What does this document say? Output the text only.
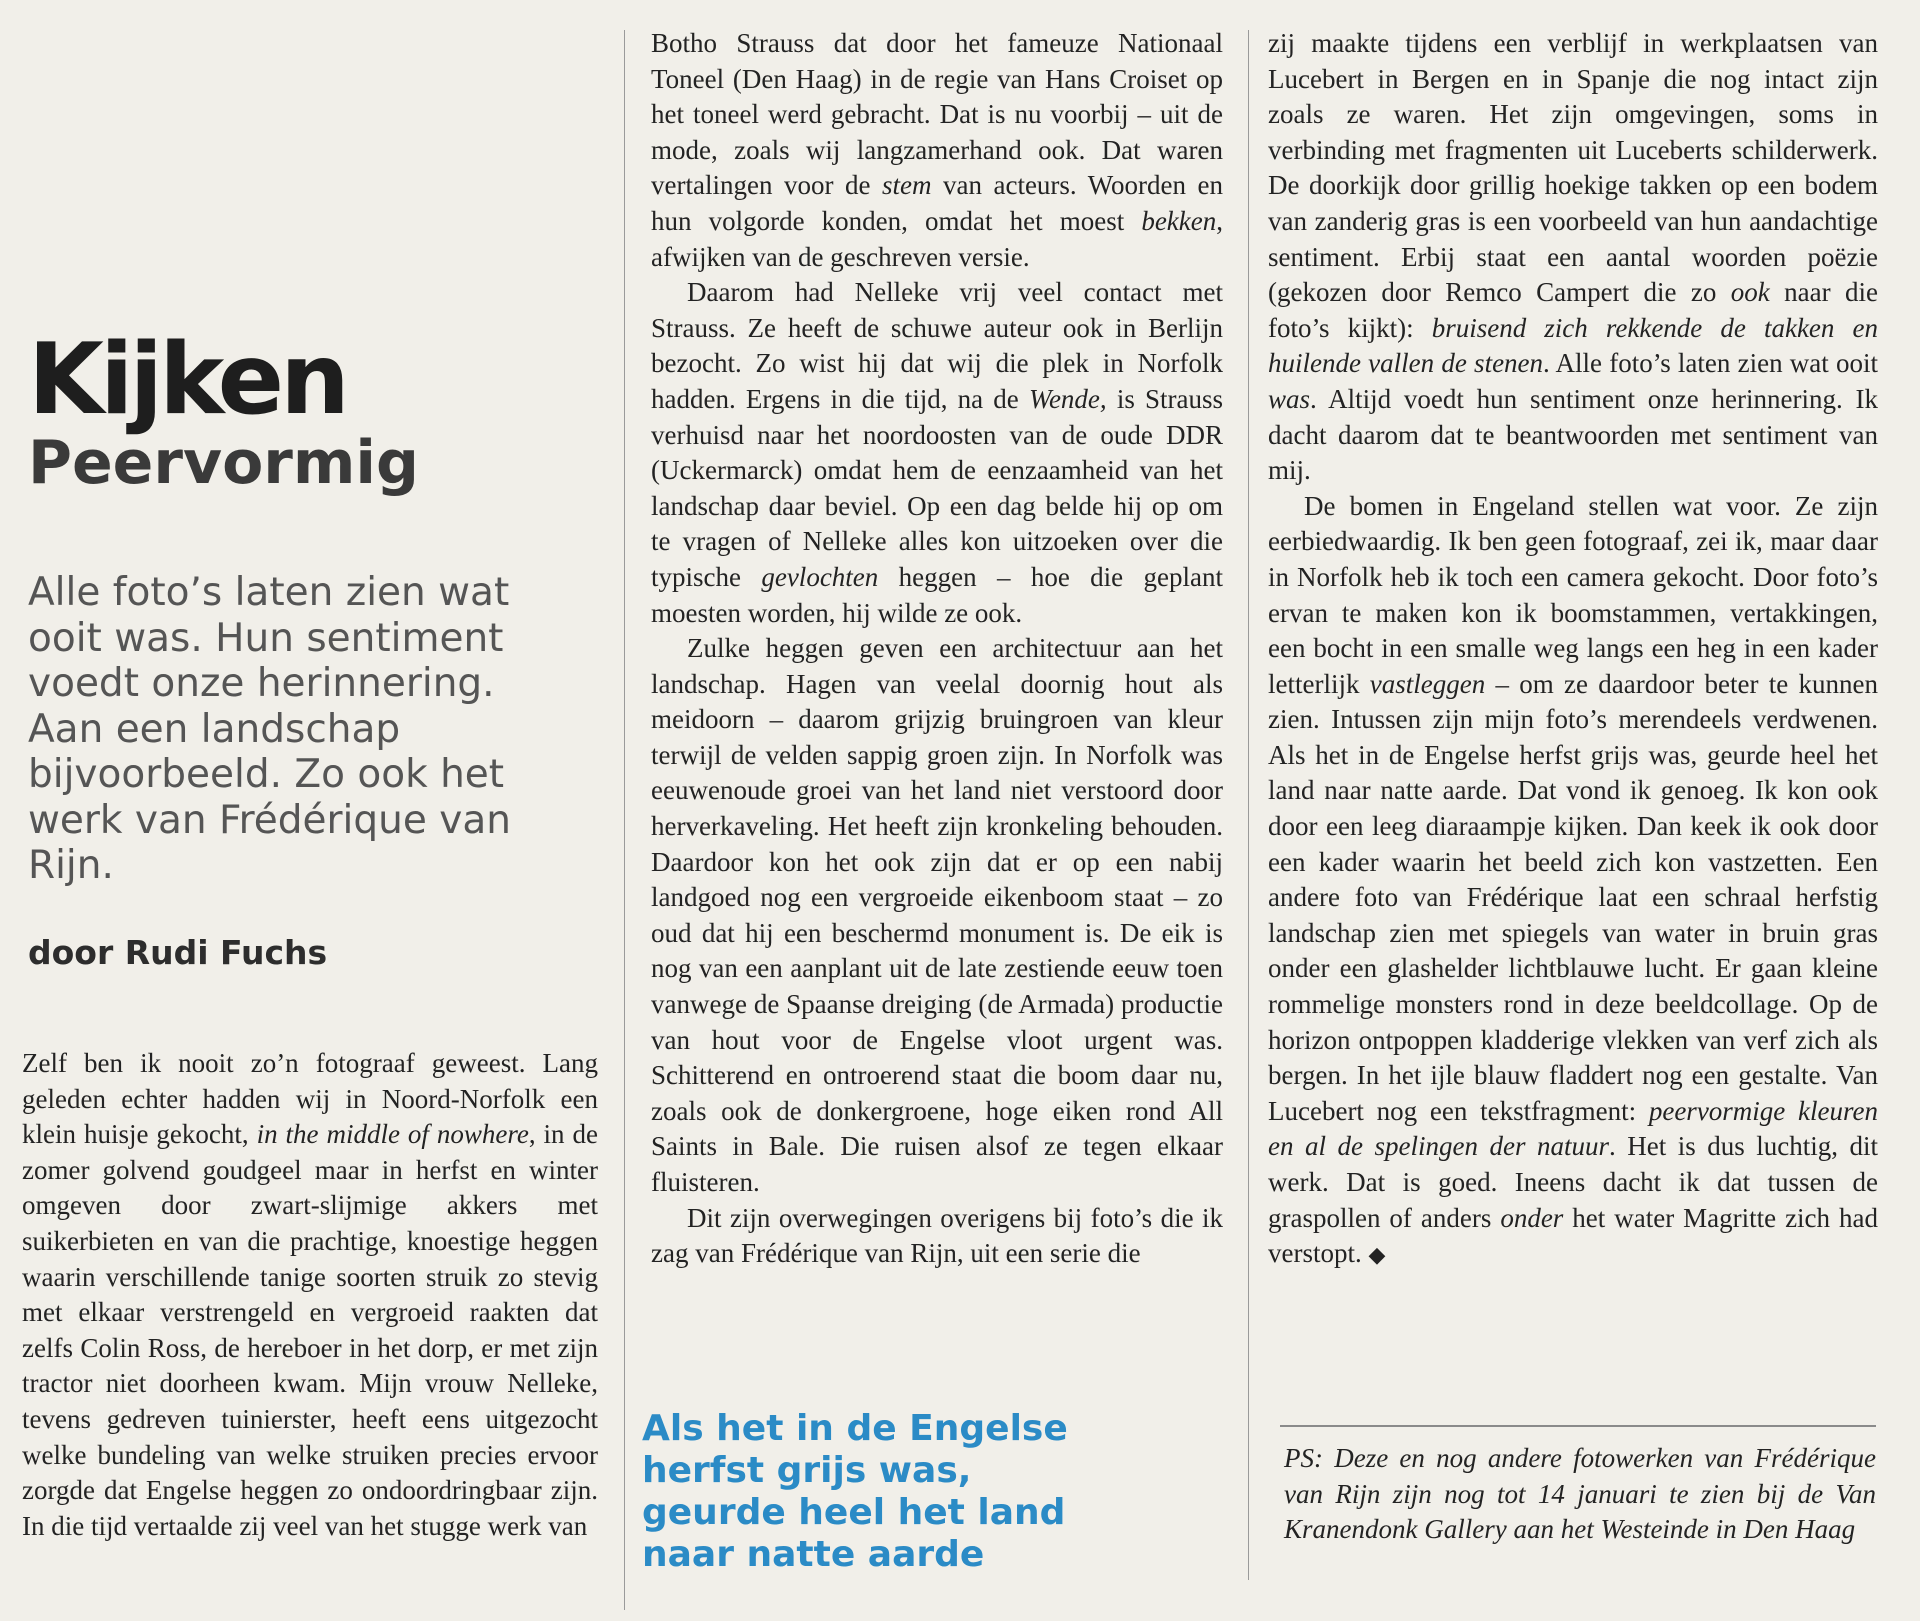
Kijken
Peervormig

Alle foto’s laten zien wat ooit was. Hun sentiment voedt onze herinnering. Aan een landschap bijvoorbeeld. Zo ook het werk van Frédérique van Rijn.

door Rudi Fuchs

Zelf ben ik nooit zo’n fotograaf geweest. Lang geleden echter hadden wij in Noord-Norfolk een klein huisje gekocht, in the middle of nowhere, in de zomer golvend goudgeel maar in herfst en winter omgeven door zwart-slijmige akkers met suikerbieten en van die prachtige, knoestige heggen waarin verschillende tanige soorten struik zo stevig met elkaar verstrengeld en vergroeid raakten dat zelfs Colin Ross, de hereboer in het dorp, er met zijn tractor niet doorheen kwam. Mijn vrouw Nelleke, tevens gedreven tuinierster, heeft eens uitgezocht welke bundeling van welke struiken precies ervoor zorgde dat Engelse heggen zo ondoordringbaar zijn. In die tijd vertaalde zij veel van het stugge werk van

Botho Strauss dat door het fameuze Nationaal Toneel (Den Haag) in de regie van Hans Croiset op het toneel werd gebracht. Dat is nu voorbij – uit de mode, zoals wij langzamerhand ook. Dat waren vertalingen voor de stem van acteurs. Woorden en hun volgorde konden, omdat het moest bekken, afwijken van de geschreven versie.

Daarom had Nelleke vrij veel contact met Strauss. Ze heeft de schuwe auteur ook in Berlijn bezocht. Zo wist hij dat wij die plek in Norfolk hadden. Ergens in die tijd, na de Wende, is Strauss verhuisd naar het noordoosten van de oude DDR (Uckermarck) omdat hem de eenzaamheid van het landschap daar beviel. Op een dag belde hij op om te vragen of Nelleke alles kon uitzoeken over die typische gevlochten heggen – hoe die geplant moesten worden, hij wilde ze ook.

Zulke heggen geven een architectuur aan het landschap. Hagen van veelal doornig hout als meidoorn – daarom grijzig bruingroen van kleur terwijl de velden sappig groen zijn. In Norfolk was eeuwenoude groei van het land niet verstoord door herverkaveling. Het heeft zijn kronkeling behouden. Daardoor kon het ook zijn dat er op een nabij landgoed nog een vergroeide eikenboom staat – zo oud dat hij een beschermd monument is. De eik is nog van een aanplant uit de late zestiende eeuw toen vanwege de Spaanse dreiging (de Armada) productie van hout voor de Engelse vloot urgent was. Schitterend en ontroerend staat die boom daar nu, zoals ook de donkergroene, hoge eiken rond All Saints in Bale. Die ruisen alsof ze tegen elkaar fluisteren.

Dit zijn overwegingen overigens bij foto’s die ik zag van Frédérique van Rijn, uit een serie die

Als het in de Engelse herfst grijs was, geurde heel het land naar natte aarde

zij maakte tijdens een verblijf in werkplaatsen van Lucebert in Bergen en in Spanje die nog intact zijn zoals ze waren. Het zijn omgevingen, soms in verbinding met fragmenten uit Luceberts schilderwerk. De doorkijk door grillig hoekige takken op een bodem van zanderig gras is een voorbeeld van hun aandachtige sentiment. Erbij staat een aantal woorden poëzie (gekozen door Remco Campert die zo ook naar die foto’s kijkt): bruisend zich rekkende de takken en huilende vallen de stenen. Alle foto’s laten zien wat ooit was. Altijd voedt hun sentiment onze herinnering. Ik dacht daarom dat te beantwoorden met sentiment van mij.

De bomen in Engeland stellen wat voor. Ze zijn eerbiedwaardig. Ik ben geen fotograaf, zei ik, maar daar in Norfolk heb ik toch een camera gekocht. Door foto’s ervan te maken kon ik boomstammen, vertakkingen, een bocht in een smalle weg langs een heg in een kader letterlijk vastleggen – om ze daardoor beter te kunnen zien. Intussen zijn mijn foto’s merendeels verdwenen. Als het in de Engelse herfst grijs was, geurde heel het land naar natte aarde. Dat vond ik genoeg. Ik kon ook door een leeg diaraampje kijken. Dan keek ik ook door een kader waarin het beeld zich kon vastzetten. Een andere foto van Frédérique laat een schraal herfstig landschap zien met spiegels van water in bruin gras onder een glashelder lichtblauwe lucht. Er gaan kleine rommelige monsters rond in deze beeldcollage. Op de horizon ontpoppen kladderige vlekken van verf zich als bergen. In het ijle blauw fladdert nog een gestalte. Van Lucebert nog een tekstfragment: peervormige kleuren en al de spelingen der natuur. Het is dus luchtig, dit werk. Dat is goed. Ineens dacht ik dat tussen de graspollen of anders onder het water Magritte zich had verstopt. ◆

PS: Deze en nog andere fotowerken van Frédérique van Rijn zijn nog tot 14 januari te zien bij de Van Kranendonk Gallery aan het Westeinde in Den Haag
